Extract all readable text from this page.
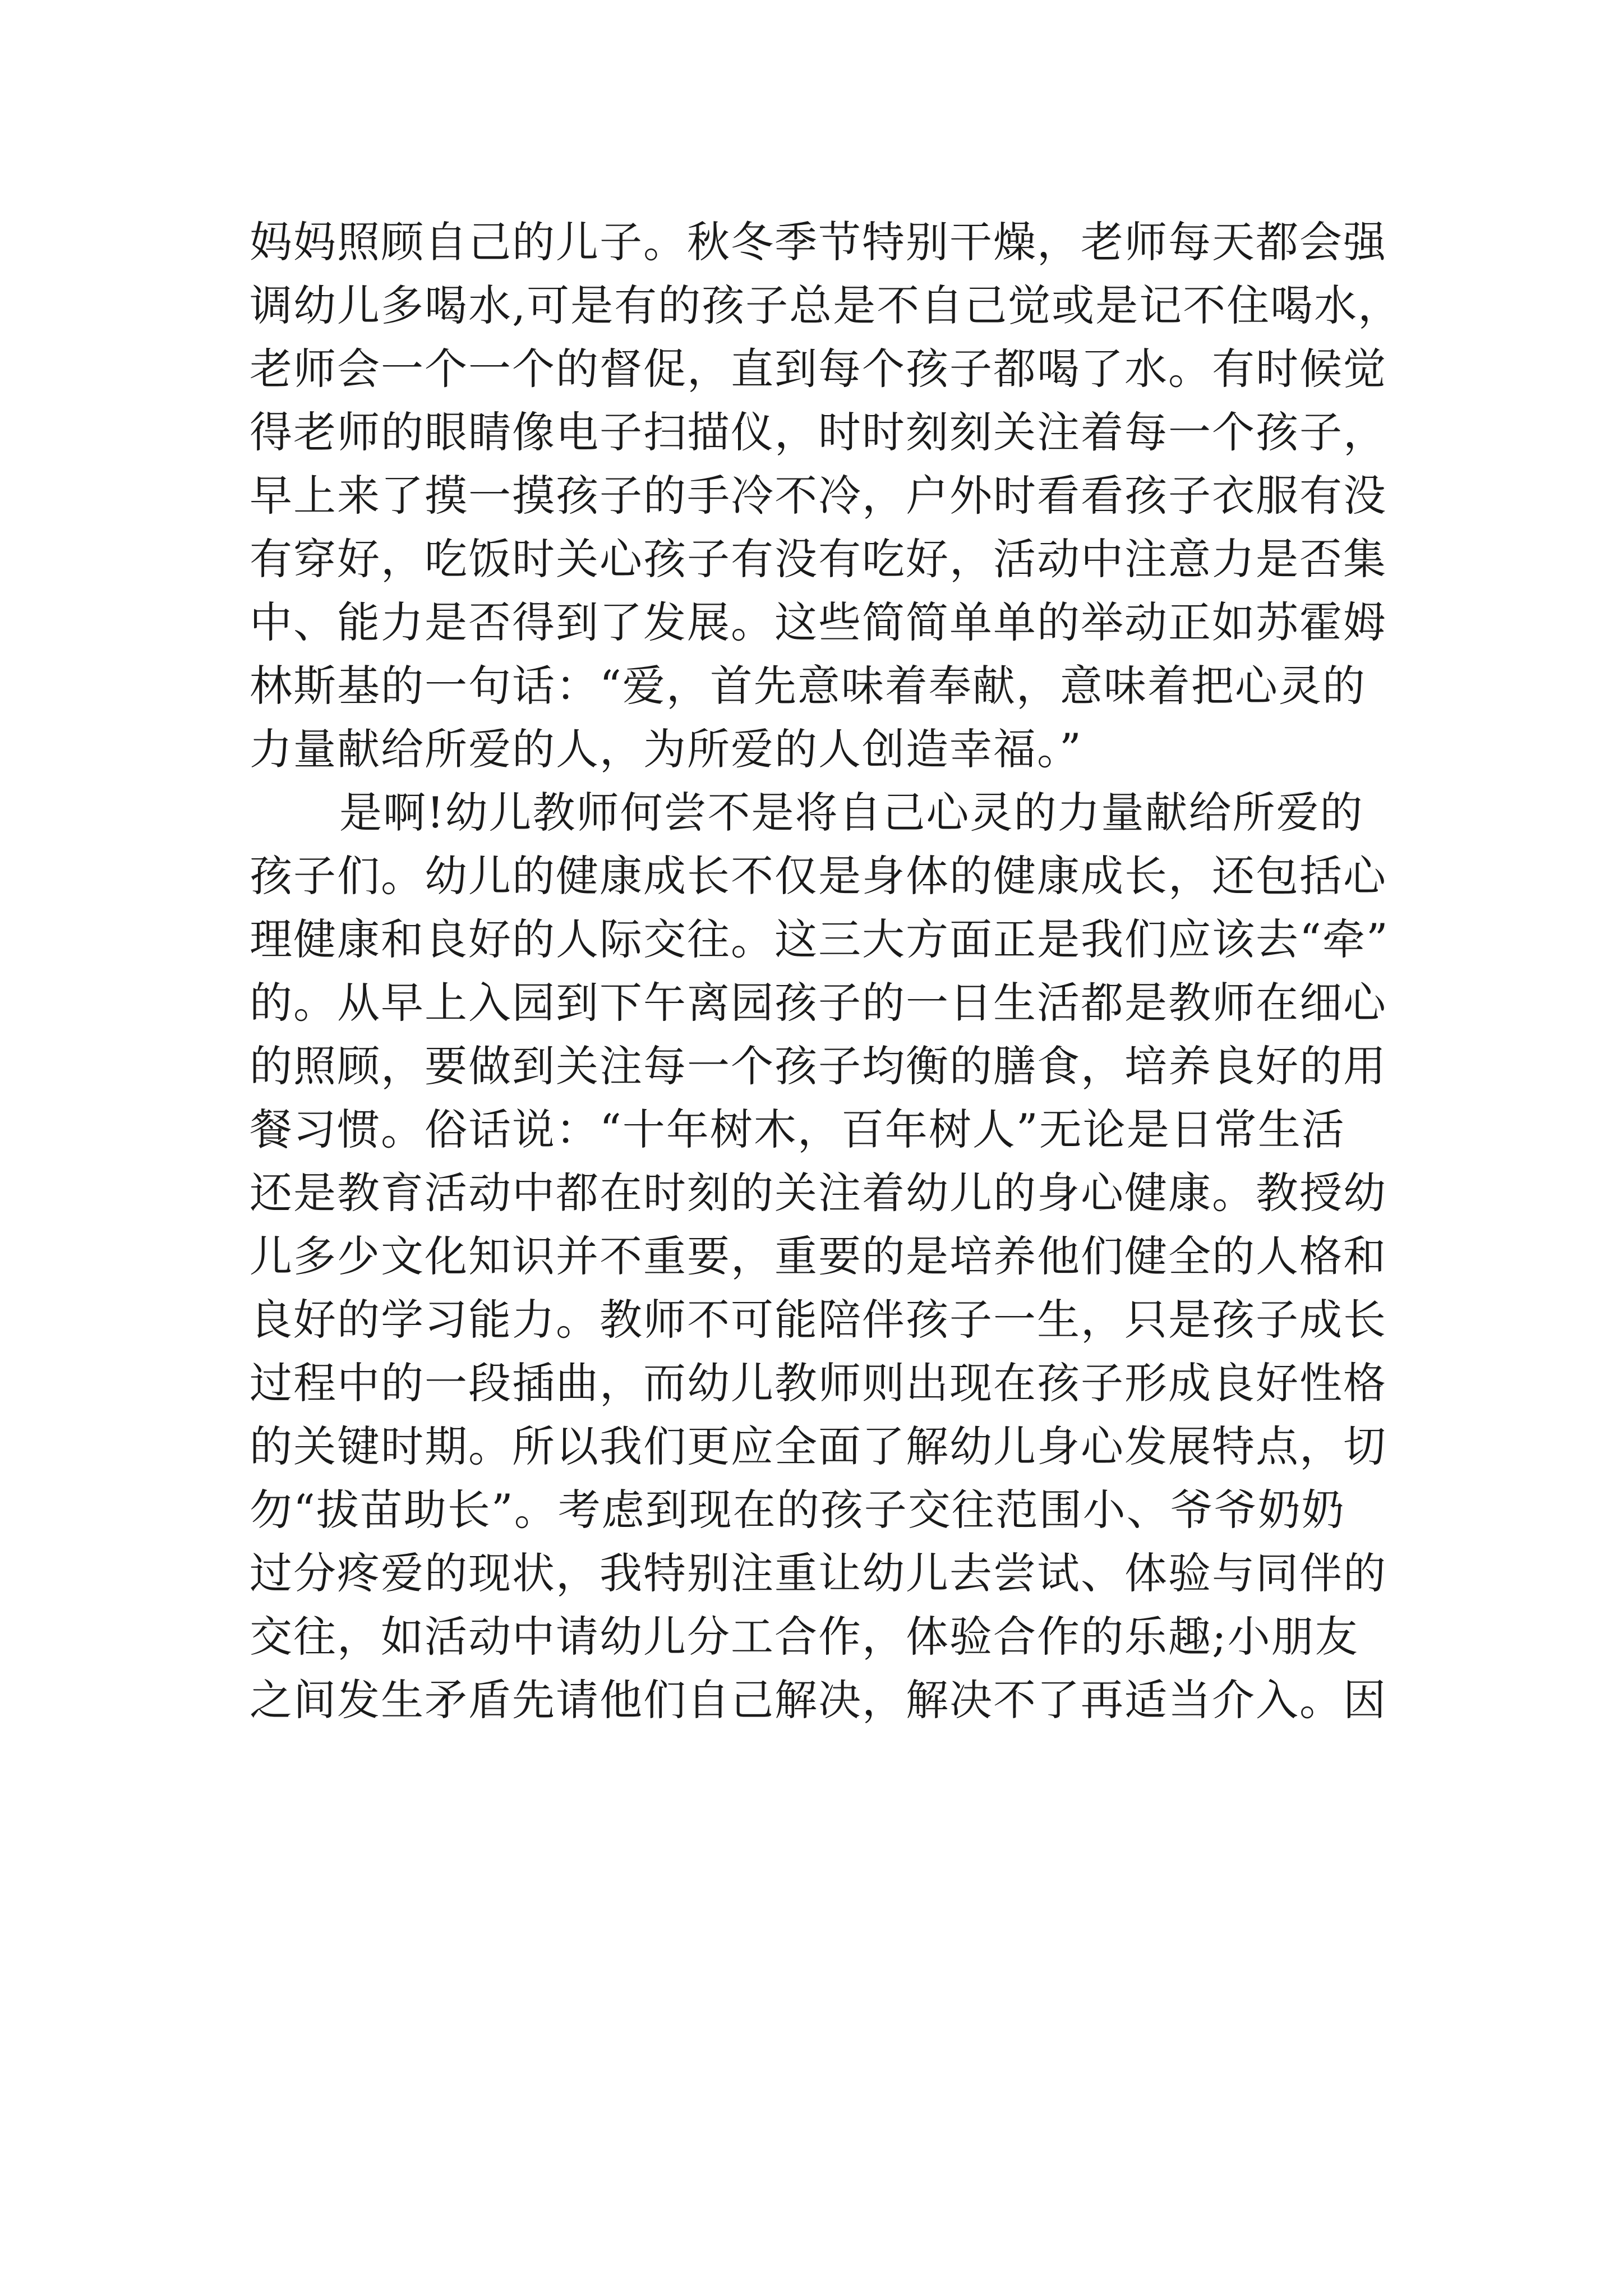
妈妈照顾自己的儿子。秋冬季节特别干燥，老师每天都会强
调幼儿多喝水,可是有的孩子总是不自己觉或是记不住喝水，
老师会一个一个的督促，直到每个孩子都喝了水。有时候觉
得老师的眼睛像电子扫描仪，时时刻刻关注着每一个孩子，
早上来了摸一摸孩子的手冷不冷，户外时看看孩子衣服有没
有穿好，吃饭时关心孩子有没有吃好，活动中注意力是否集
中、能力是否得到了发展。这些简简单单的举动正如苏霍姆
林斯基的一句话：“爱，首先意味着奉献，意味着把心灵的
力量献给所爱的人，为所爱的人创造幸福。”
是啊!幼儿教师何尝不是将自己心灵的力量献给所爱的
孩子们。幼儿的健康成长不仅是身体的健康成长，还包括心
理健康和良好的人际交往。这三大方面正是我们应该去“牵”
的。从早上入园到下午离园孩子的一日生活都是教师在细心
的照顾，要做到关注每一个孩子均衡的膳食，培养良好的用
餐习惯。俗话说：“十年树木，百年树人”无论是日常生活
还是教育活动中都在时刻的关注着幼儿的身心健康。教授幼
儿多少文化知识并不重要，重要的是培养他们健全的人格和
良好的学习能力。教师不可能陪伴孩子一生，只是孩子成长
过程中的一段插曲，而幼儿教师则出现在孩子形成良好性格
的关键时期。所以我们更应全面了解幼儿身心发展特点，切
勿“拔苗助长”。考虑到现在的孩子交往范围小、爷爷奶奶
过分疼爱的现状，我特别注重让幼儿去尝试、体验与同伴的
交往，如活动中请幼儿分工合作，体验合作的乐趣;小朋友
之间发生矛盾先请他们自己解决，解决不了再适当介入。因
